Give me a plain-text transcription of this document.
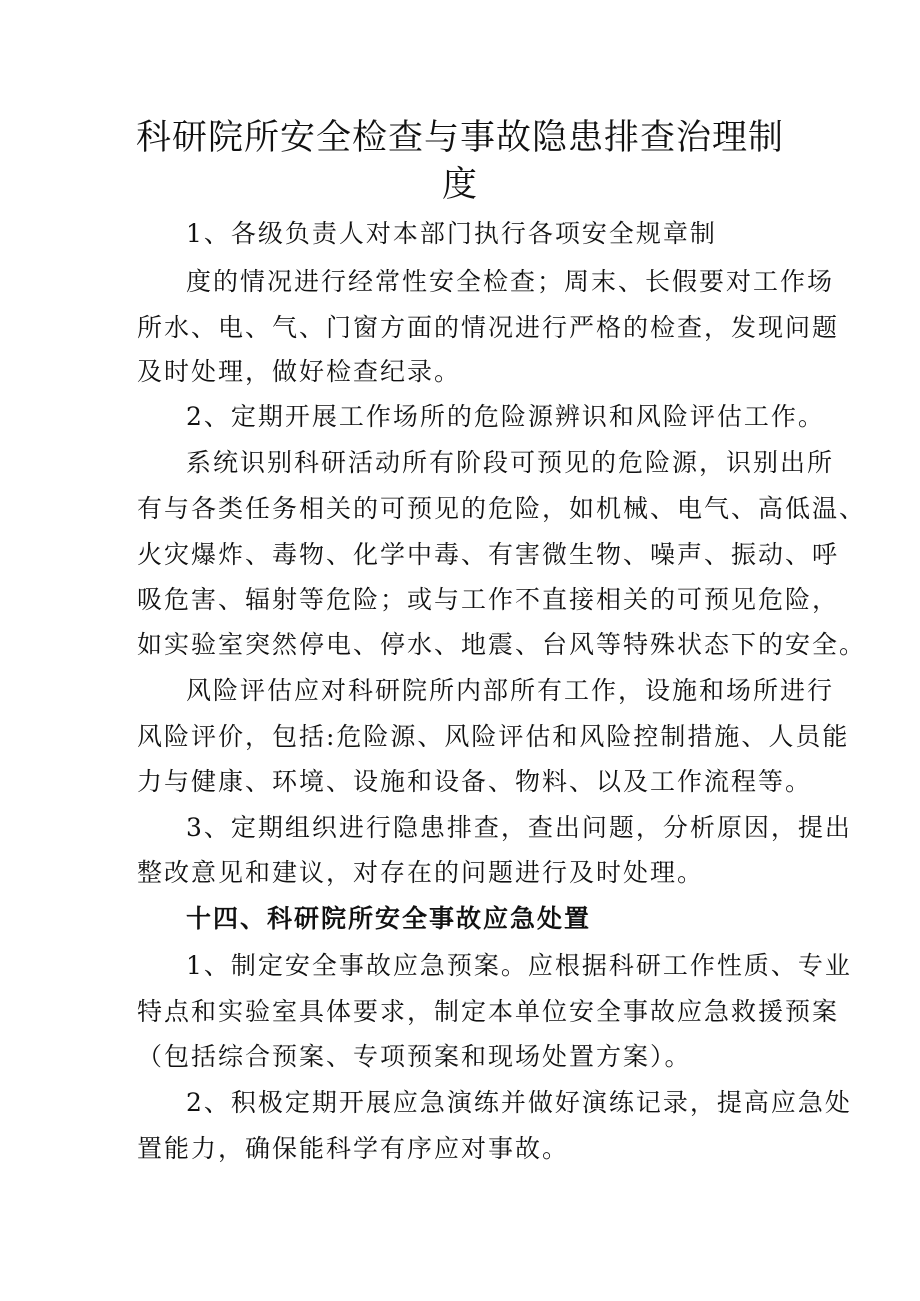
科研院所安全检查与事故隐患排查治理制
度
1、各级负责人对本部门执行各项安全规章制
度的情况进行经常性安全检查；周末、长假要对工作场
所水、电、气、门窗方面的情况进行严格的检查，发现问题
及时处理，做好检查纪录。
2、定期开展工作场所的危险源辨识和风险评估工作。
系统识别科研活动所有阶段可预见的危险源，识别出所
有与各类任务相关的可预见的危险，如机械、电气、高低温、
火灾爆炸、毒物、化学中毒、有害微生物、噪声、振动、呼
吸危害、辐射等危险；或与工作不直接相关的可预见危险，
如实验室突然停电、停水、地震、台风等特殊状态下的安全。
风险评估应对科研院所内部所有工作，设施和场所进行
风险评价，包括:危险源、风险评估和风险控制措施、人员能
力与健康、环境、设施和设备、物料、以及工作流程等。
3、定期组织进行隐患排查，查出问题，分析原因，提出
整改意见和建议，对存在的问题进行及时处理。
十四、科研院所安全事故应急处置
1、制定安全事故应急预案。应根据科研工作性质、专业
特点和实验室具体要求，制定本单位安全事故应急救援预案
（包括综合预案、专项预案和现场处置方案）。
2、积极定期开展应急演练并做好演练记录，提高应急处
置能力，确保能科学有序应对事故。
